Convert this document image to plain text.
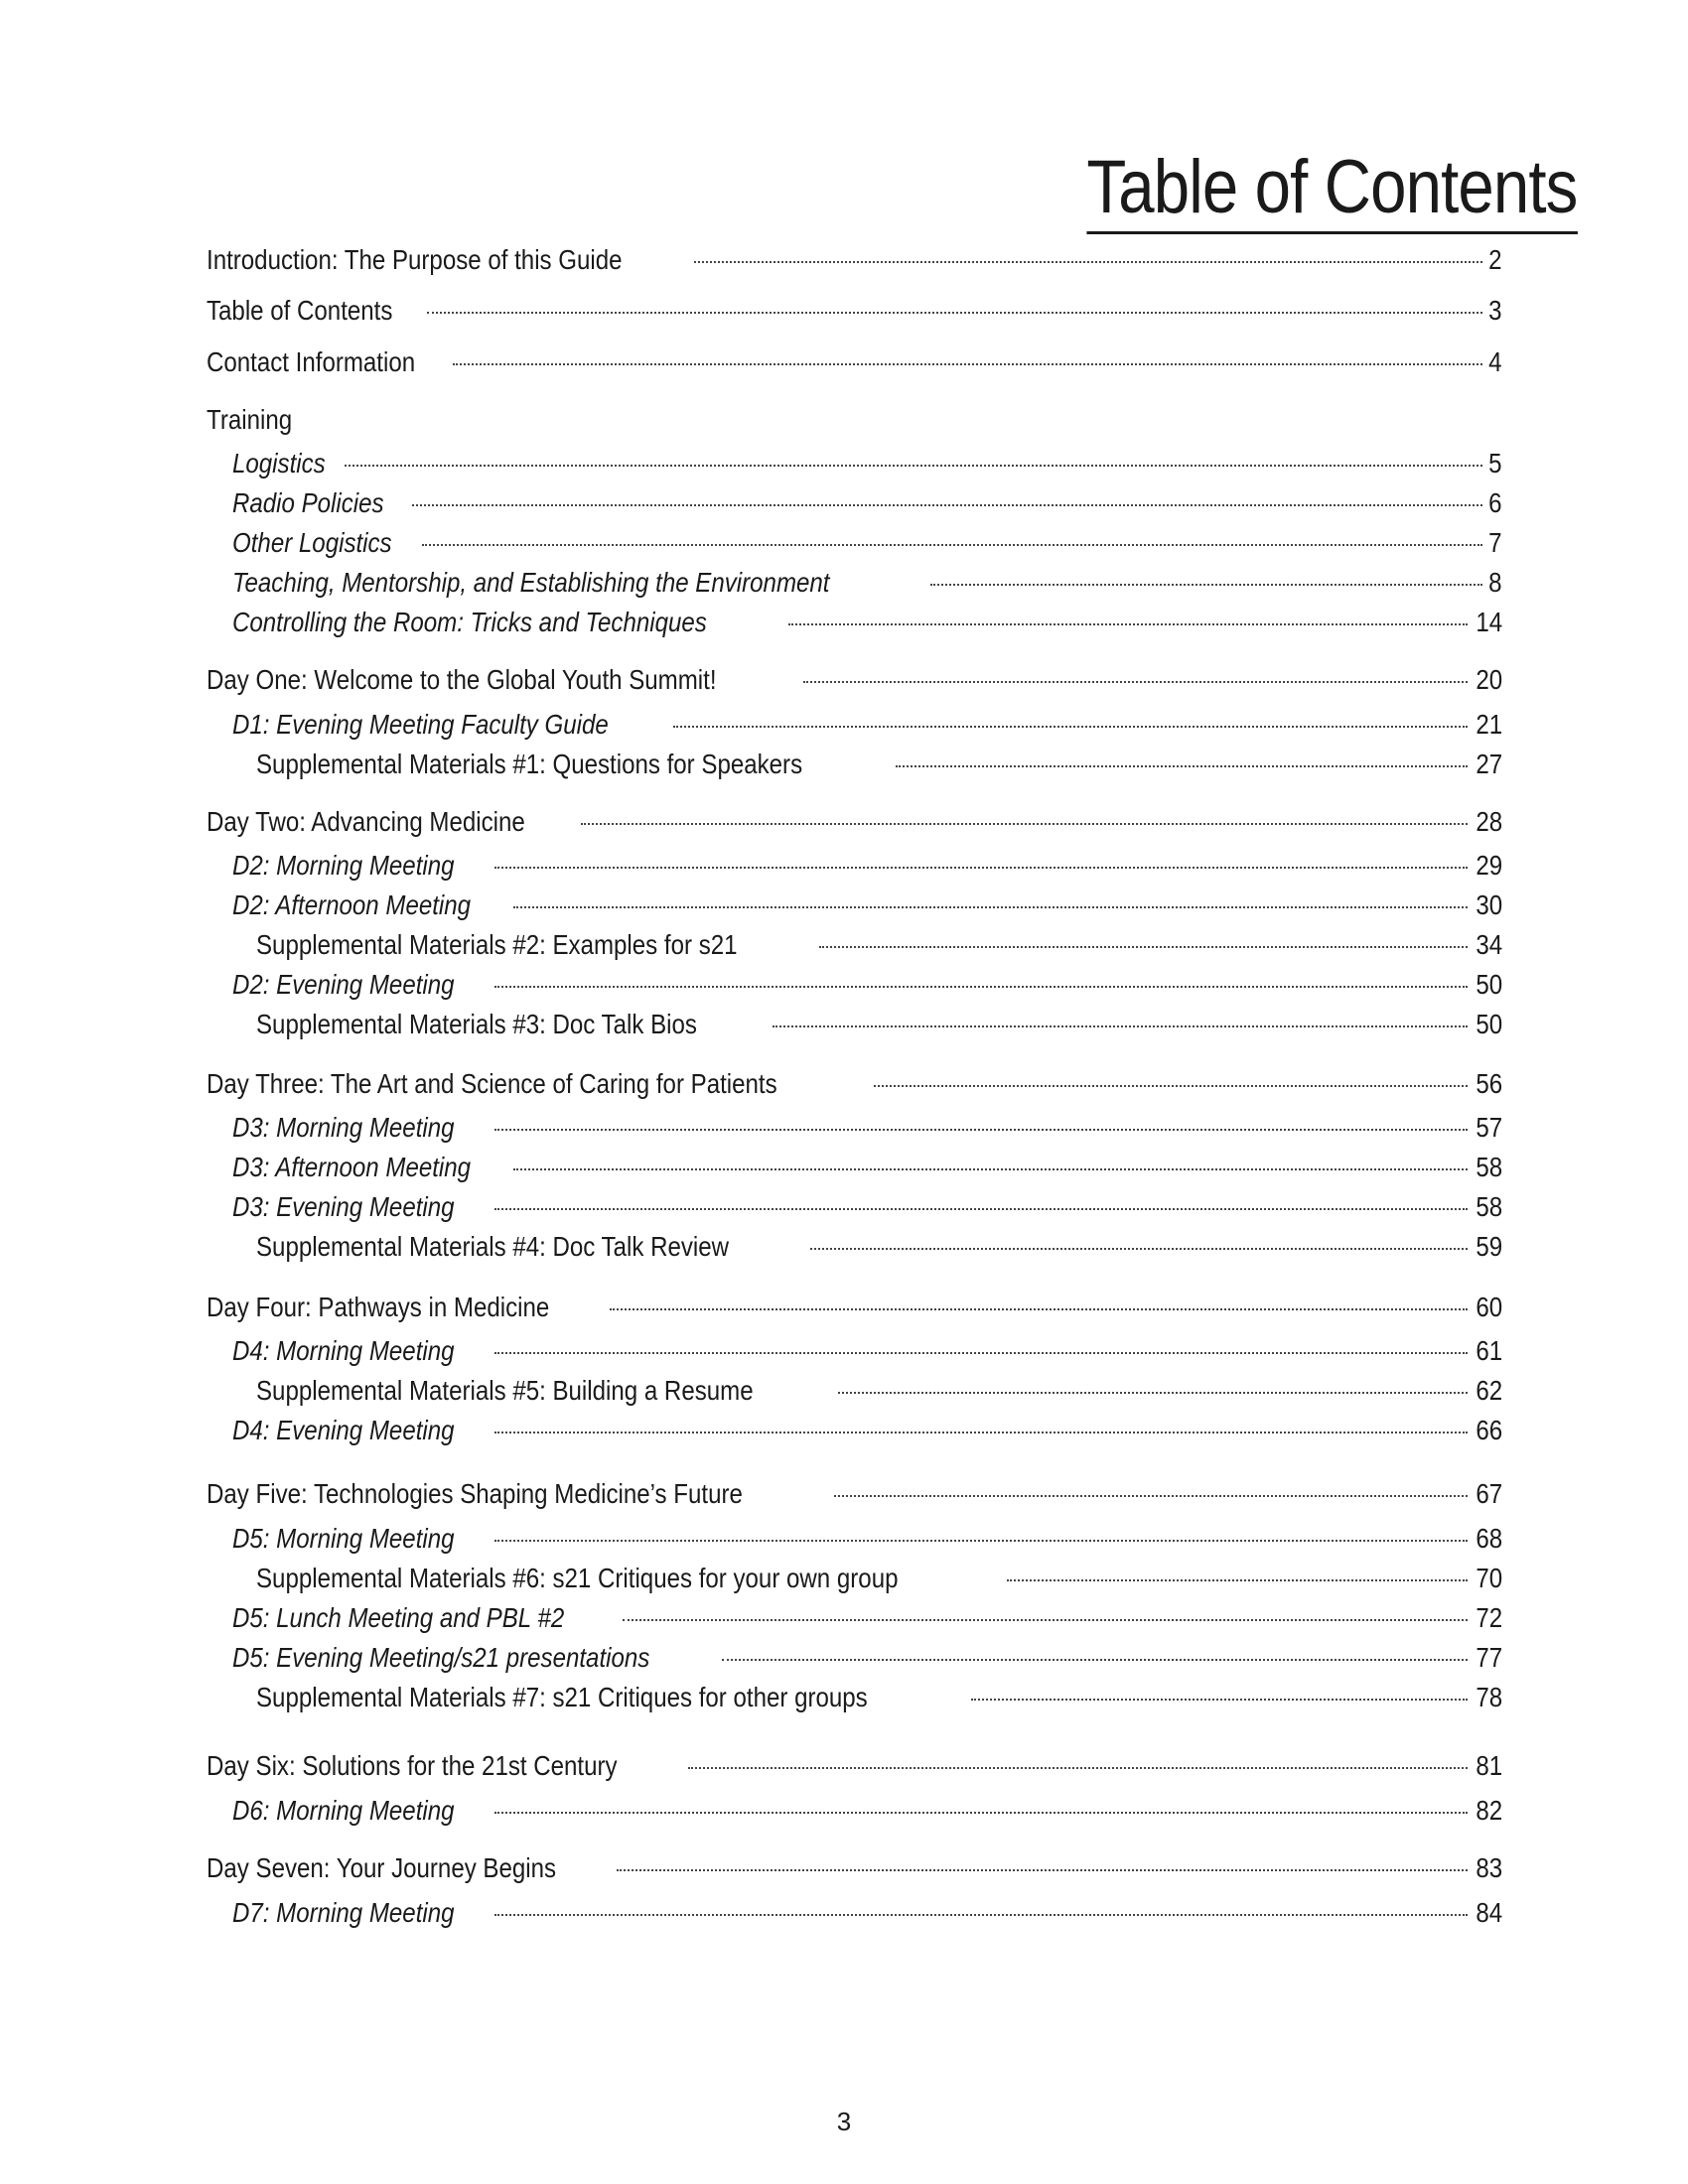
Table of Contents
Introduction: The Purpose of this Guide	2
Table of Contents	3
Contact Information	4
Training
Logistics	5
Radio Policies	6
Other Logistics	7
Teaching, Mentorship, and Establishing the Environment	8
Controlling the Room: Tricks and Techniques	14
Day One: Welcome to the Global Youth Summit!	20
D1: Evening Meeting Faculty Guide	21
Supplemental Materials #1: Questions for Speakers	27
Day Two: Advancing Medicine	28
D2: Morning Meeting	29
D2: Afternoon Meeting	30
Supplemental Materials #2: Examples for s21	34
D2: Evening Meeting	50
Supplemental Materials #3: Doc Talk Bios	50
Day Three: The Art and Science of Caring for Patients	56
D3: Morning Meeting	57
D3: Afternoon Meeting	58
D3: Evening Meeting	58
Supplemental Materials #4: Doc Talk Review	59
Day Four: Pathways in Medicine	60
D4: Morning Meeting	61
Supplemental Materials #5: Building a Resume	62
D4: Evening Meeting	66
Day Five: Technologies Shaping Medicine’s Future	67
D5: Morning Meeting	68
Supplemental Materials #6: s21 Critiques for your own group	70
D5: Lunch Meeting and PBL #2	72
D5: Evening Meeting/s21 presentations	77
Supplemental Materials #7: s21 Critiques for other groups	78
Day Six: Solutions for the 21st Century	81
D6: Morning Meeting	82
Day Seven: Your Journey Begins	83
D7: Morning Meeting	84
3
